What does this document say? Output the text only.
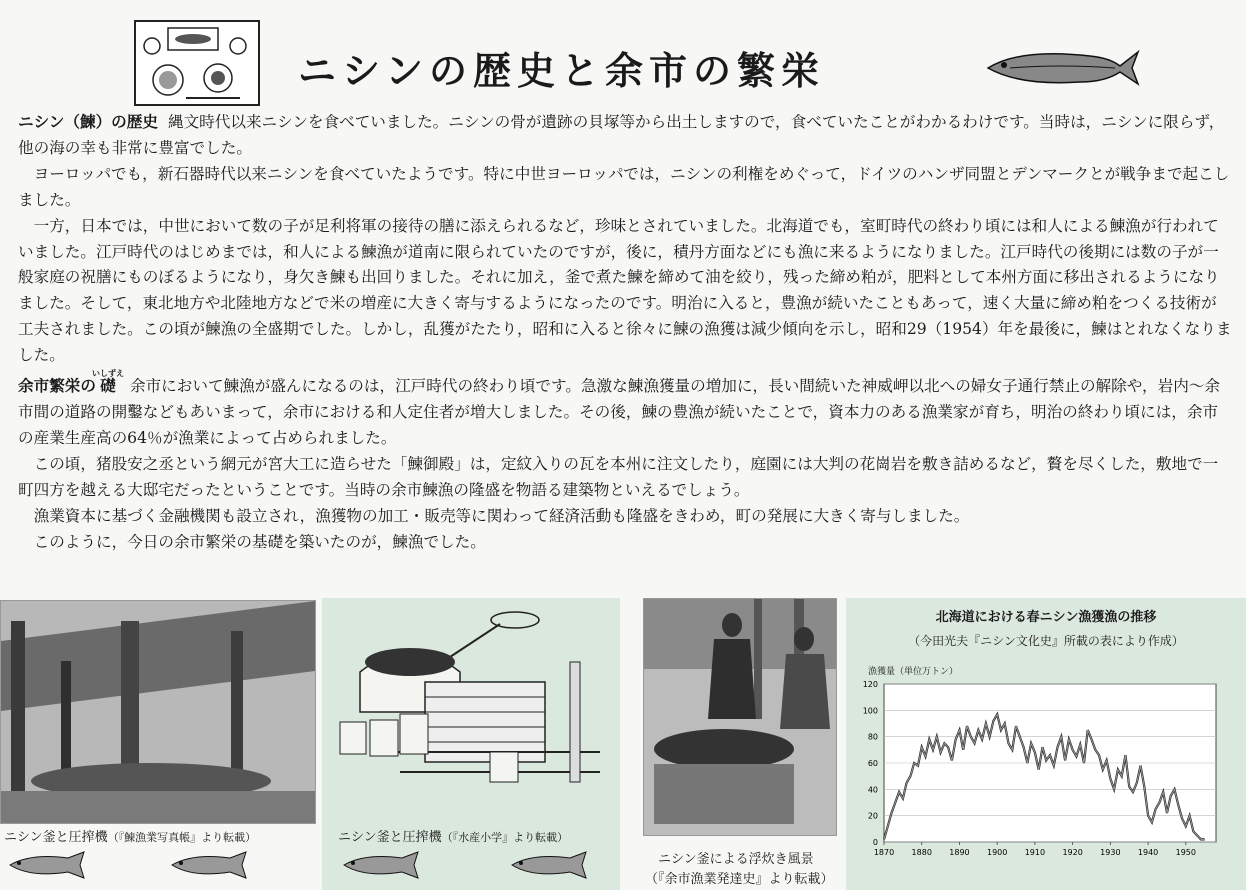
ニシンの歴史と余市の繁栄

ニシン（鰊）の歴史 縄文時代以来ニシンを食べていました。ニシンの骨が遺跡の貝塚等から出土しますので，食べていたことがわかるわけです。当時は，ニシンに限らず，他の海の幸も非常に豊富でした。

ヨーロッパでも，新石器時代以来ニシンを食べていたようです。特に中世ヨーロッパでは，ニシンの利権をめぐって，ドイツのハンザ同盟とデンマークとが戦争まで起こしました。

一方，日本では，中世において数の子が足利将軍の接待の膳に添えられるなど，珍味とされていました。北海道でも，室町時代の終わり頃には和人による鰊漁が行われていました。江戸時代のはじめまでは，和人による鰊漁が道南に限られていたのですが，後に，積丹方面などにも漁に来るようになりました。江戸時代の後期には数の子が一般家庭の祝膳にものぼるようになり，身欠き鰊も出回りました。それに加え，釜で煮た鰊を締めて油を絞り，残った締め粕が，肥料として本州方面に移出されるようになりました。そして，東北地方や北陸地方などで米の増産に大きく寄与するようになったのです。明治に入ると，豊漁が続いたこともあって，速く大量に締め粕をつくる技術が工夫されました。この頃が鰊漁の全盛期でした。しかし，乱獲がたたり，昭和に入ると徐々に鰊の漁獲は減少傾向を示し，昭和29（1954）年を最後に，鰊はとれなくなりました。

余市繁栄の礎いしずえ余市において鰊漁が盛んになるのは，江戸時代の終わり頃です。急激な鰊漁獲量の増加に，長い間続いた神威岬以北への婦女子通行禁止の解除や，岩内～余市間の道路の開鑿などもあいまって，余市における和人定住者が増大しました。その後，鰊の豊漁が続いたことで，資本力のある漁業家が育ち，明治の終わり頃には，余市の産業生産高の64％が漁業によって占められました。

この頃，猪股安之丞という網元が宮大工に造らせた「鰊御殿」は，定紋入りの瓦を本州に注文したり，庭園には大判の花崗岩を敷き詰めるなど，贅を尽くした，敷地で一町四方を越える大邸宅だったということです。当時の余市鰊漁の隆盛を物語る建築物といえるでしょう。

漁業資本に基づく金融機関も設立され，漁獲物の加工・販売等に関わって経済活動も隆盛をきわめ，町の発展に大きく寄与しました。

このように，今日の余市繁栄の基礎を築いたのが，鰊漁でした。

ニシン釜と圧搾機（『鰊漁業写真帳』より転載）	ニシン釜と圧搾機（『水産小学』より転載）
ニシン釜による浮炊き風景
（『余市漁業発達史』より転載）
北海道における春ニシン漁獲漁の推移
（今田光夫『ニシン文化史』所載の表により作成）
漁獲量（単位万トン）
0
20
40
60
80
100
120
1870 1880 1890 1900 1910 1920 1930 1940 1950
